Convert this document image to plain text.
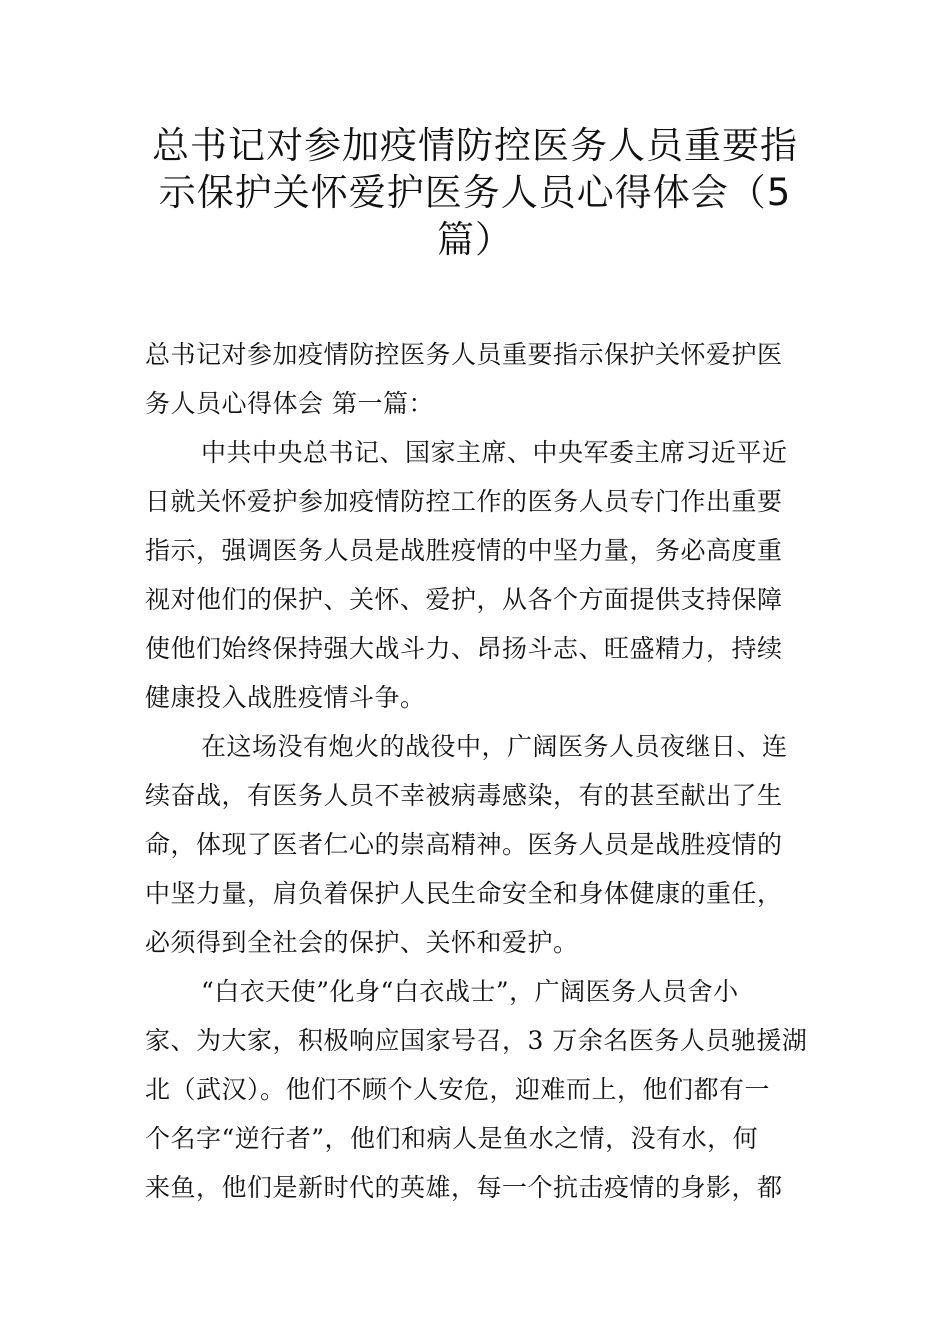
总书记对参加疫情防控医务人员重要指
示保护关怀爱护医务人员心得体会（5
篇）

总书记对参加疫情防控医务人员重要指示保护关怀爱护医
务人员心得体会 第一篇：

中共中央总书记、国家主席、中央军委主席习近平近
日就关怀爱护参加疫情防控工作的医务人员专门作出重要
指示，强调医务人员是战胜疫情的中坚力量，务必高度重
视对他们的保护、关怀、爱护，从各个方面提供支持保障
使他们始终保持强大战斗力、昂扬斗志、旺盛精力，持续
健康投入战胜疫情斗争。

在这场没有炮火的战役中，广阔医务人员夜继日、连
续奋战，有医务人员不幸被病毒感染，有的甚至献出了生
命，体现了医者仁心的崇高精神。医务人员是战胜疫情的
中坚力量，肩负着保护人民生命安全和身体健康的重任，
必须得到全社会的保护、关怀和爱护。

“白衣天使”化身“白衣战士”，广阔医务人员舍小
家、为大家，积极响应国家号召，3 万余名医务人员驰援湖
北（武汉）。他们不顾个人安危，迎难而上，他们都有一
个名字“逆行者”，他们和病人是鱼水之情，没有水，何
来鱼，他们是新时代的英雄，每一个抗击疫情的身影，都
